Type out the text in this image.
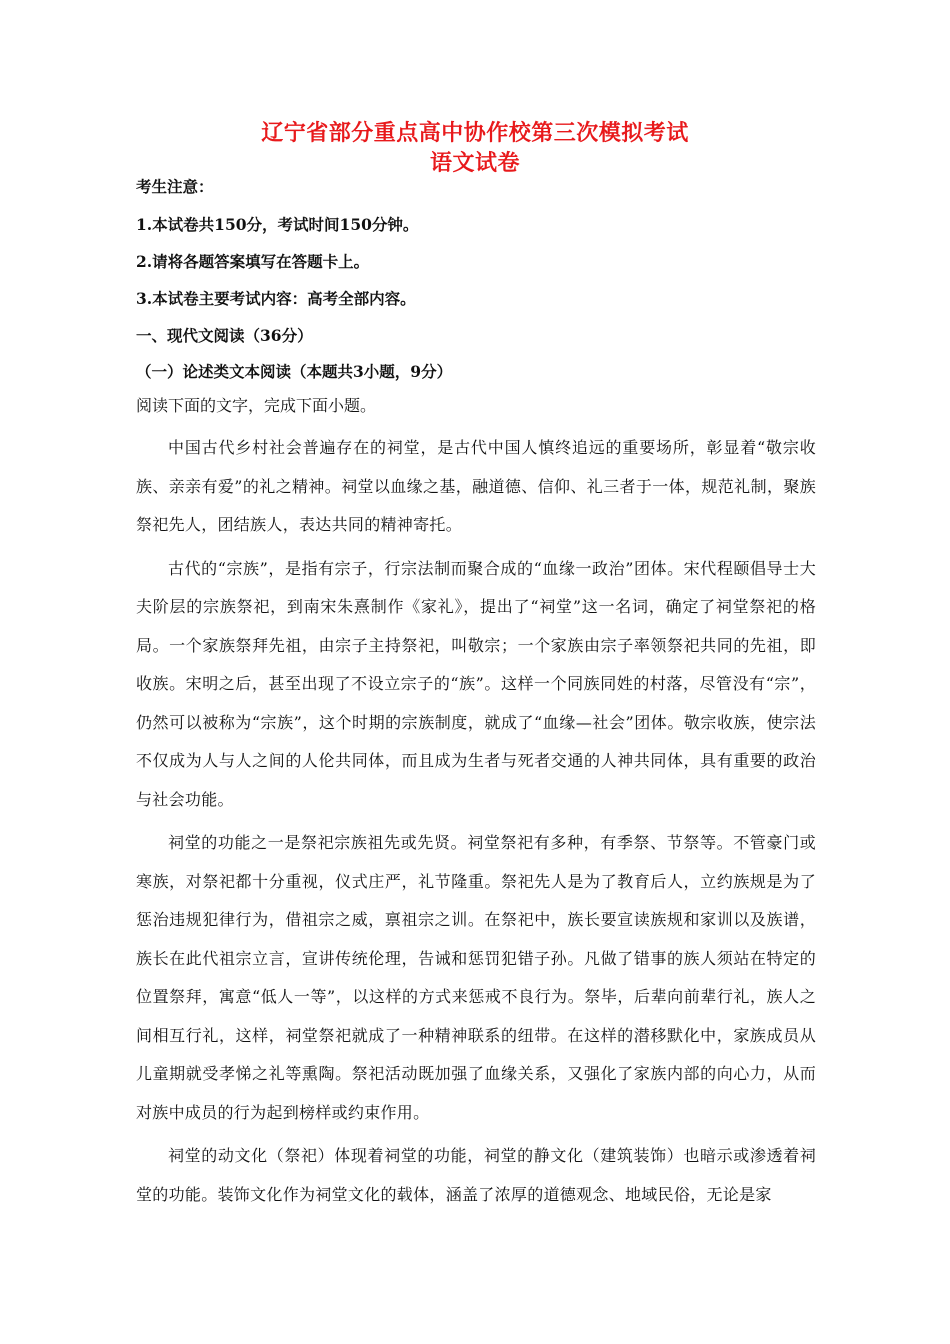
辽宁省部分重点高中协作校第三次模拟考试
语文试卷

考生注意：

1.本试卷共150分，考试时间150分钟。

2.请将各题答案填写在答题卡上。

3.本试卷主要考试内容：高考全部内容。

一、现代文阅读（36分）

（一）论述类文本阅读（本题共3小题，9分）

阅读下面的文字，完成下面小题。

中国古代乡村社会普遍存在的祠堂，是古代中国人慎终追远的重要场所，彰显着“敬宗收族、亲亲有爱”的礼之精神。祠堂以血缘之基，融道德、信仰、礼三者于一体，规范礼制，聚族祭祀先人，团结族人，表达共同的精神寄托。

古代的“宗族”，是指有宗子，行宗法制而聚合成的“血缘一政治”团体。宋代程颐倡导士大夫阶层的宗族祭祀，到南宋朱熹制作《家礼》，提出了“祠堂”这一名词，确定了祠堂祭祀的格局。一个家族祭拜先祖，由宗子主持祭祀，叫敬宗；一个家族由宗子率领祭祀共同的先祖，即收族。宋明之后，甚至出现了不设立宗子的“族”。这样一个同族同姓的村落，尽管没有“宗”，仍然可以被称为“宗族”，这个时期的宗族制度，就成了“血缘—社会”团体。敬宗收族，使宗法不仅成为人与人之间的人伦共同体，而且成为生者与死者交通的人神共同体，具有重要的政治与社会功能。

祠堂的功能之一是祭祀宗族祖先或先贤。祠堂祭祀有多种，有季祭、节祭等。不管豪门或寒族，对祭祀都十分重视，仪式庄严，礼节隆重。祭祀先人是为了教育后人，立约族规是为了惩治违规犯律行为，借祖宗之威，禀祖宗之训。在祭祀中，族长要宣读族规和家训以及族谱，族长在此代祖宗立言，宣讲传统伦理，告诫和惩罚犯错子孙。凡做了错事的族人须站在特定的位置祭拜，寓意“低人一等”，以这样的方式来惩戒不良行为。祭毕，后辈向前辈行礼，族人之间相互行礼，这样，祠堂祭祀就成了一种精神联系的纽带。在这样的潜移默化中，家族成员从儿童期就受孝悌之礼等熏陶。祭祀活动既加强了血缘关系，又强化了家族内部的向心力，从而对族中成员的行为起到榜样或约束作用。

祠堂的动文化（祭祀）体现着祠堂的功能，祠堂的静文化（建筑装饰）也暗示或渗透着祠堂的功能。装饰文化作为祠堂文化的载体，涵盖了浓厚的道德观念、地域民俗，无论是家
